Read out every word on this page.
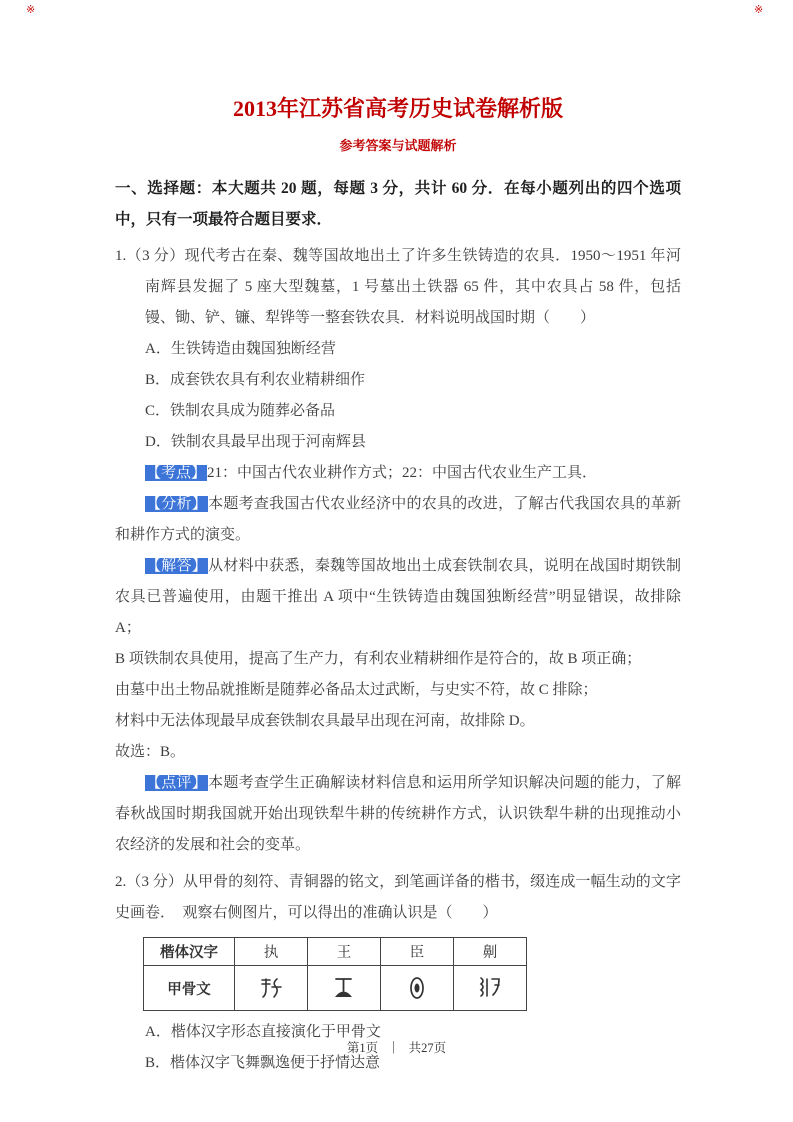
※	※
2013年江苏省高考历史试卷解析版
参考答案与试题解析

一、选择题：本大题共 20 题，每题 3 分，共计 60 分．在每小题列出的四个选项中，只有一项最符合题目要求．

1.（3 分）现代考古在秦、魏等国故地出土了许多生铁铸造的农具．1950～1951 年河南辉县发掘了 5 座大型魏墓，1 号墓出土铁器 65 件，其中农具占 58 件，包括镘、锄、铲、镰、犁铧等一整套铁农具．材料说明战国时期（　　）

A．生铁铸造由魏国独断经营

B．成套铁农具有利农业精耕细作

C．铁制农具成为随葬必备品

D．铁制农具最早出现于河南辉县

【考点】21：中国古代农业耕作方式；22：中国古代农业生产工具．

【分析】本题考查我国古代农业经济中的农具的改进，了解古代我国农具的革新和耕作方式的演变。

【解答】从材料中获悉，秦魏等国故地出土成套铁制农具，说明在战国时期铁制农具已普遍使用，由题干推出 A 项中“生铁铸造由魏国独断经营”明显错误，故排除 A；

B 项铁制农具使用，提高了生产力，有利农业精耕细作是符合的，故 B 项正确；

由墓中出土物品就推断是随葬必备品太过武断，与史实不符，故 C 排除；

材料中无法体现最早成套铁制农具最早出现在河南，故排除 D。

故选：B。

【点评】本题考查学生正确解读材料信息和运用所学知识解决问题的能力，了解春秋战国时期我国就开始出现铁犁牛耕的传统耕作方式，认识铁犁牛耕的出现推动小农经济的发展和社会的变革。

2.（3 分）从甲骨的刻符、青铜器的铭文，到笔画详备的楷书，缀连成一幅生动的文字史画卷．　观察右侧图片，可以得出的准确认识是（　　）

楷体汉字	执	王	臣	劓
甲骨文				

A．楷体汉字形态直接演化于甲骨文

B．楷体汉字飞舞飘逸便于抒情达意

第1页 ｜ 共27页
